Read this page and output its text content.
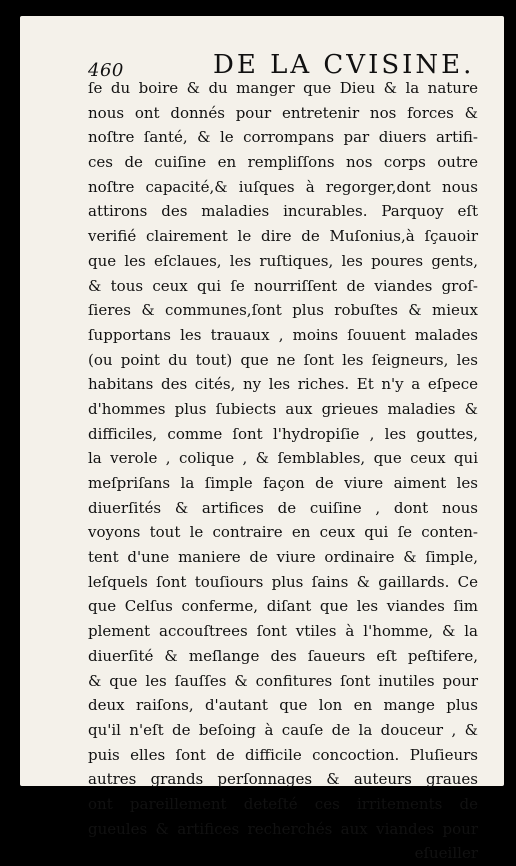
460	DE LA CVISINE.
ſe du boire & du manger que Dieu & la nature
nous ont donnés pour entretenir nos forces &
noſtre ſanté, & le corrompans par diuers artifi-
ces de cuiſine en rempliſſons nos corps outre
noſtre capacité,& iuſques à regorger,dont nous
attirons des maladies incurables. Parquoy eſt
verifié clairement le dire de Muſonius,à ſçauoir
que les eſclaues, les ruſtiques, les poures gents,
& tous ceux qui ſe nourriſſent de viandes groſ-
ſieres & communes,ſont plus robuſtes & mieux
ſupportans les trauaux , moins ſouuent malades
(ou point du tout) que ne ſont les ſeigneurs, les
habitans des cités, ny les riches. Et n'y a eſpece
d'hommes plus ſubiects aux grieues maladies &
difficiles, comme ſont l'hydropiſie , les gouttes,
la verole , colique , & ſemblables, que ceux qui
meſpriſans la ſimple façon de viure aiment les
diuerſités & artifices de cuiſine , dont nous
voyons tout le contraire en ceux qui ſe conten-
tent d'une maniere de viure ordinaire & ſimple,
leſquels ſont touſiours plus ſains & gaillards. Ce
que Celſus conferme, diſant que les viandes ſim
plement accouſtrees ſont vtiles à l'homme, & la
diuerſité & meſlange des ſaueurs eſt peſtifere,
& que les ſauſſes & confitures ſont inutiles pour
deux raiſons, d'autant que lon en mange plus
qu'il n'eſt de beſoing à cauſe de la douceur , &
puis elles ſont de difficile concoction. Pluſieurs
autres grands perſonnages & auteurs graues
ont pareillement deteſté ces irritements de
gueules & artifices recherchés aux viandes pour
eſueiller
